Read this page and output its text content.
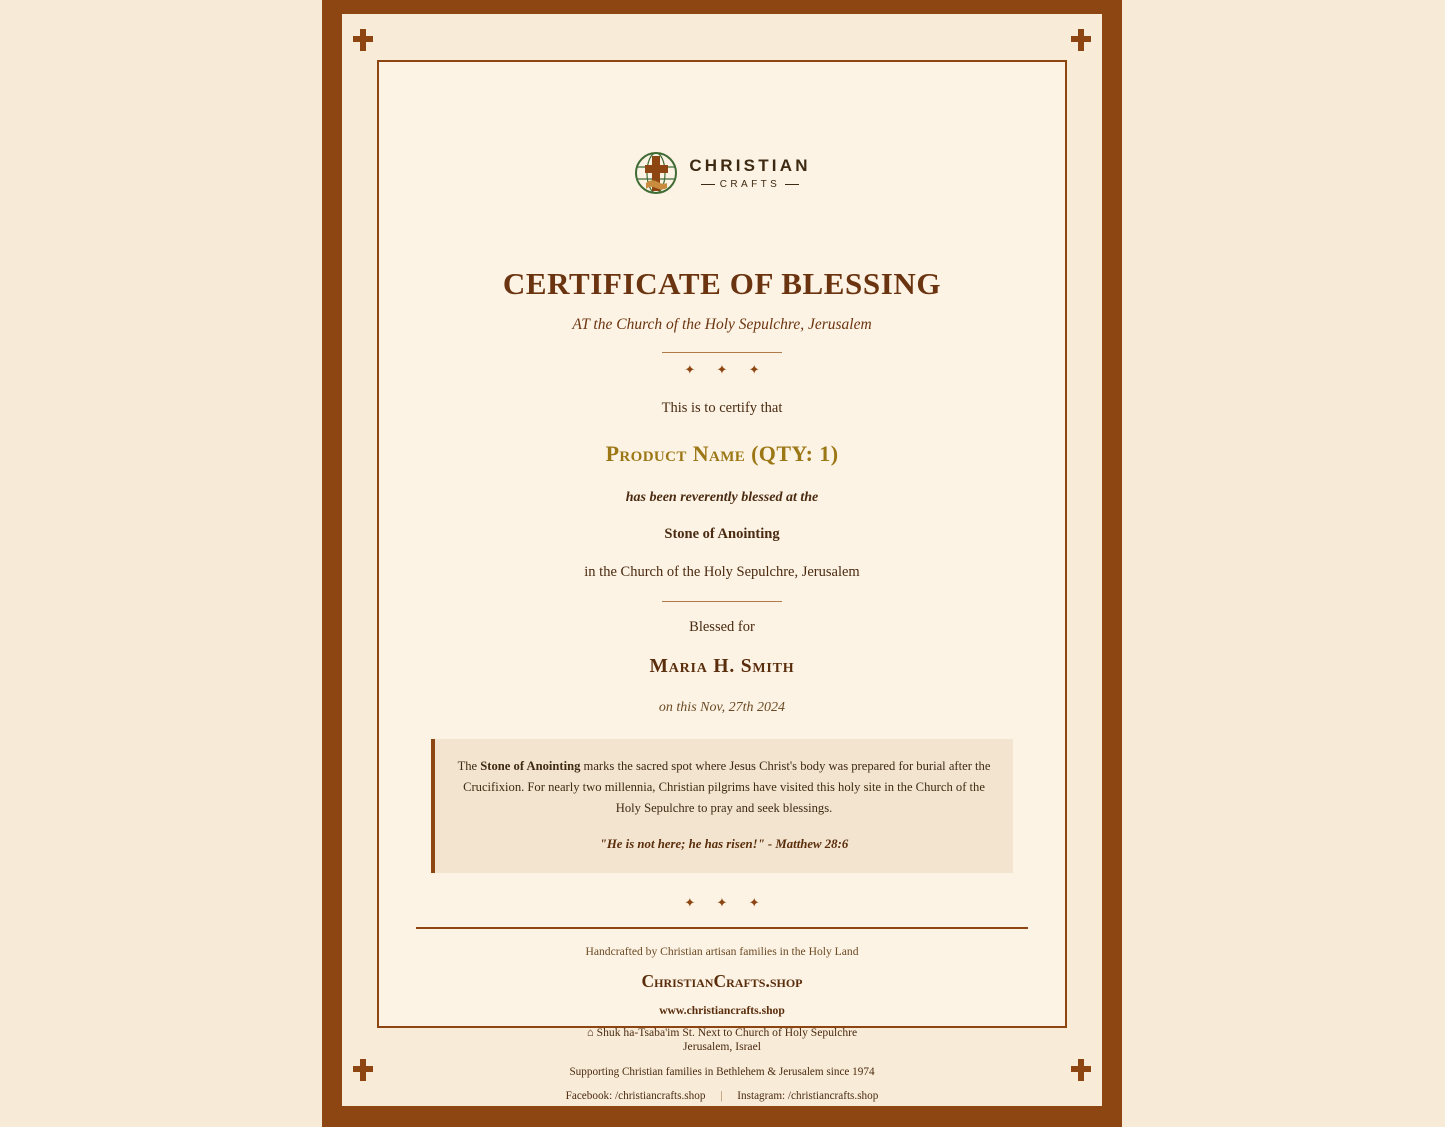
CHRISTIAN
CRAFTS
CERTIFICATE OF BLESSING
AT the Church of the Holy Sepulchre, Jerusalem
✦ ✦ ✦
This is to certify that
Product Name (QTY: 1)
has been reverently blessed at the
Stone of Anointing
in the Church of the Holy Sepulchre, Jerusalem
Blessed for
Maria H. Smith
on this Nov, 27th 2024

The Stone of Anointing marks the sacred spot where Jesus Christ's body was prepared for burial after the Crucifixion. For nearly two millennia, Christian pilgrims have visited this holy site in the Church of the Holy Sepulchre to pray and seek blessings.

"He is not here; he has risen!" - Matthew 28:6

✦ ✦ ✦
Handcrafted by Christian artisan families in the Holy Land
ChristianCrafts.shop
www.christiancrafts.shop
⌂ Shuk ha-Tsaba'im St. Next to Church of Holy Sepulchre
Jerusalem, Israel
Supporting Christian families in Bethlehem & Jerusalem since 1974
Facebook: /christiancrafts.shop | Instagram: /christiancrafts.shop
